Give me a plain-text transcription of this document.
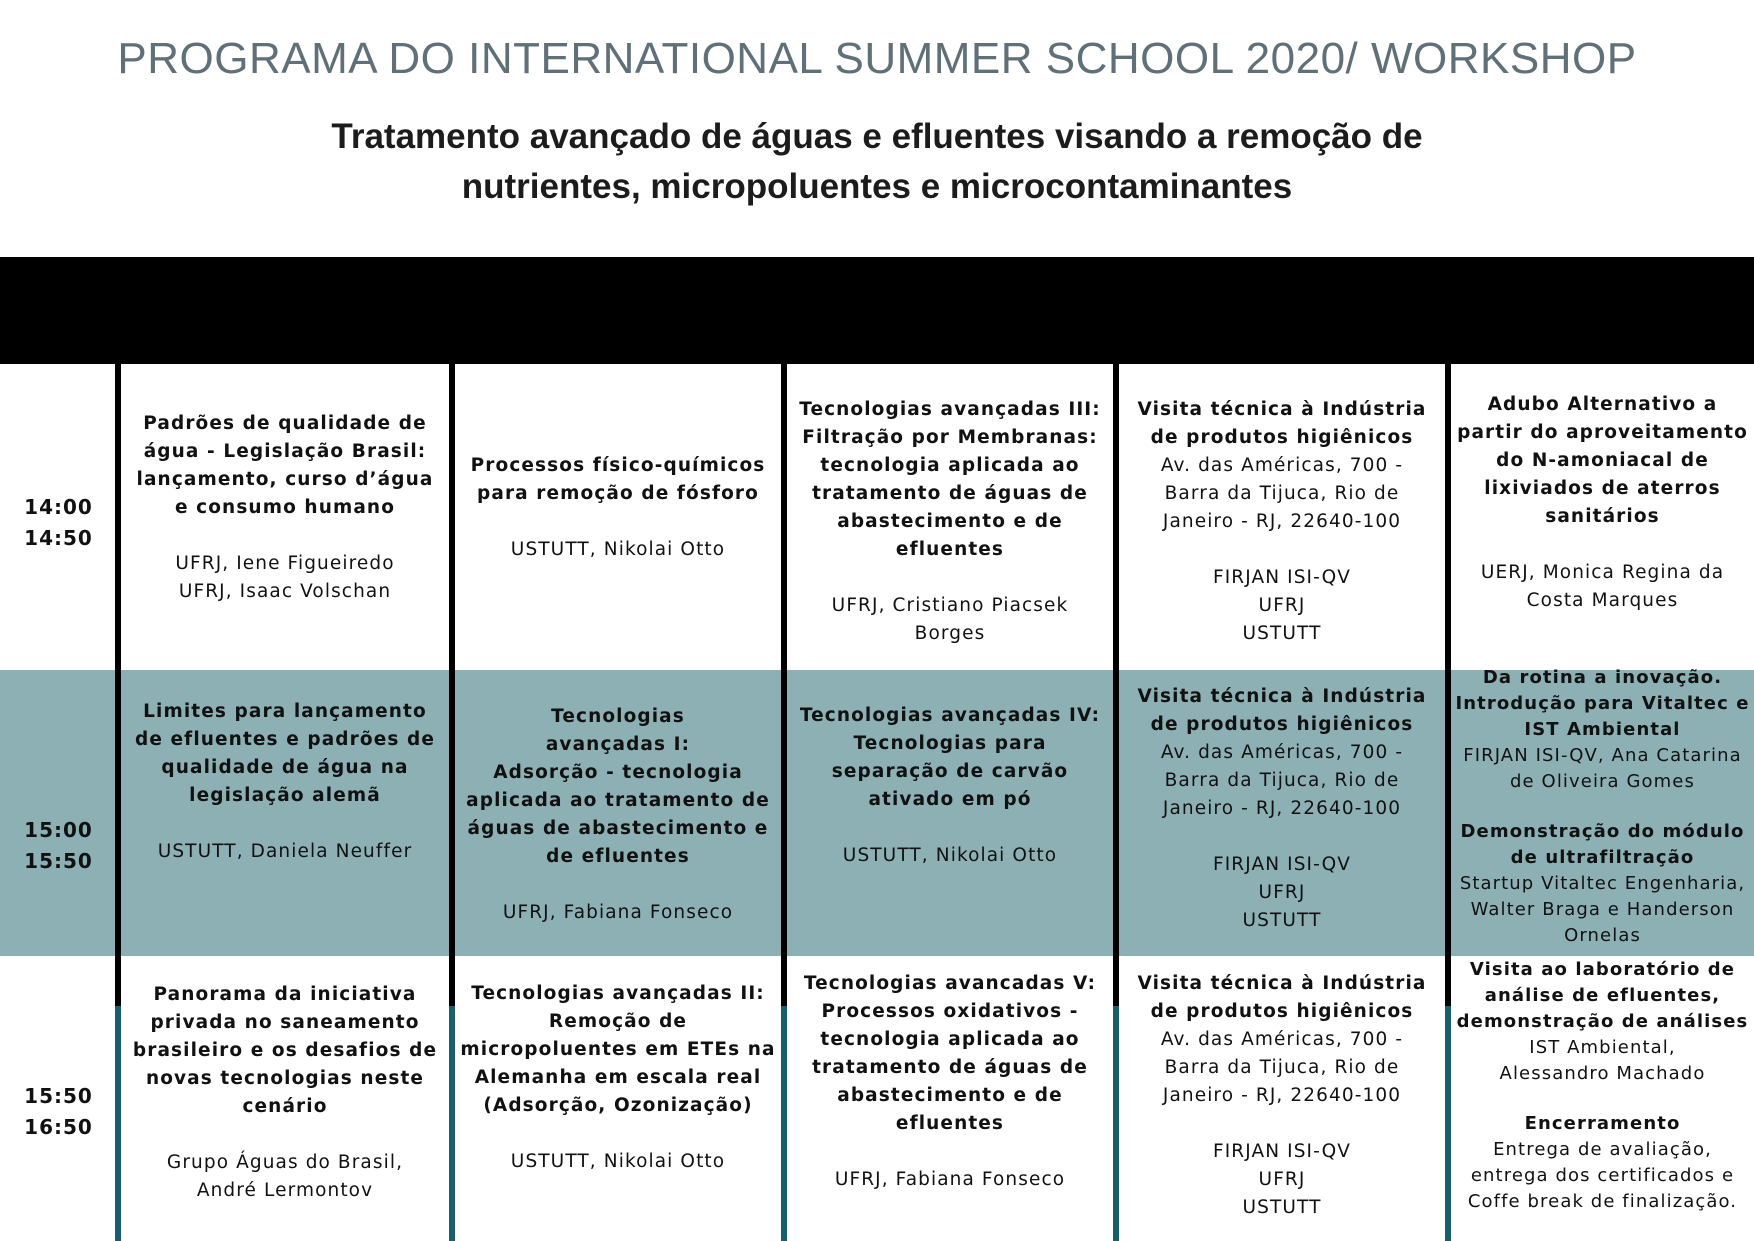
PROGRAMA DO INTERNATIONAL SUMMER SCHOOL 2020/ WORKSHOP
Tratamento avançado de águas e efluentes visando a remoção de
nutrientes, micropoluentes e microcontaminantes
14:00
14:50
15:00
15:50
15:50
16:50
Padrões de qualidade de
água - Legislação Brasil:
lançamento, curso d’água
e consumo humano
UFRJ, Iene Figueiredo
UFRJ, Isaac Volschan
Processos físico-químicos
para remoção de fósforo
USTUTT, Nikolai Otto
Tecnologias avançadas III:
Filtração por Membranas:
tecnologia aplicada ao
tratamento de águas de
abastecimento e de
efluentes
UFRJ, Cristiano Piacsek
Borges
Visita técnica à Indústria
de produtos higiênicos
Av. das Américas, 700 -
Barra da Tijuca, Rio de
Janeiro - RJ, 22640-100
FIRJAN ISI-QV
UFRJ
USTUTT
Adubo Alternativo a
partir do aproveitamento
do N-amoniacal de
lixiviados de aterros
sanitários
UERJ, Monica Regina da
Costa Marques
Limites para lançamento
de efluentes e padrões de
qualidade de água na
legislação alemã
USTUTT, Daniela Neuffer
Tecnologias
avançadas I:
Adsorção - tecnologia
aplicada ao tratamento de
águas de abastecimento e
de efluentes
UFRJ, Fabiana Fonseco
Tecnologias avançadas IV:
Tecnologias para
separação de carvão
ativado em pó
USTUTT, Nikolai Otto
Visita técnica à Indústria
de produtos higiênicos
Av. das Américas, 700 -
Barra da Tijuca, Rio de
Janeiro - RJ, 22640-100
FIRJAN ISI-QV
UFRJ
USTUTT
Da rotina a inovação.
Introdução para Vitaltec e
IST Ambiental
FIRJAN ISI-QV, Ana Catarina
de Oliveira Gomes
Demonstração do módulo
de ultrafiltração
Startup Vitaltec Engenharia,
Walter Braga e Handerson
Ornelas
Panorama da iniciativa
privada no saneamento
brasileiro e os desafios de
novas tecnologias neste
cenário
Grupo Águas do Brasil,
André Lermontov
Tecnologias avançadas II:
Remoção de
micropoluentes em ETEs na
Alemanha em escala real
(Adsorção, Ozonização)
USTUTT, Nikolai Otto
Tecnologias avancadas V:
Processos oxidativos -
tecnologia aplicada ao
tratamento de águas de
abastecimento e de
efluentes
UFRJ, Fabiana Fonseco
Visita técnica à Indústria
de produtos higiênicos
Av. das Américas, 700 -
Barra da Tijuca, Rio de
Janeiro - RJ, 22640-100
FIRJAN ISI-QV
UFRJ
USTUTT
Visita ao laboratório de
análise de efluentes,
demonstração de análises
IST Ambiental,
Alessandro Machado
Encerramento
Entrega de avaliação,
entrega dos certificados e
Coffe break de finalização.
